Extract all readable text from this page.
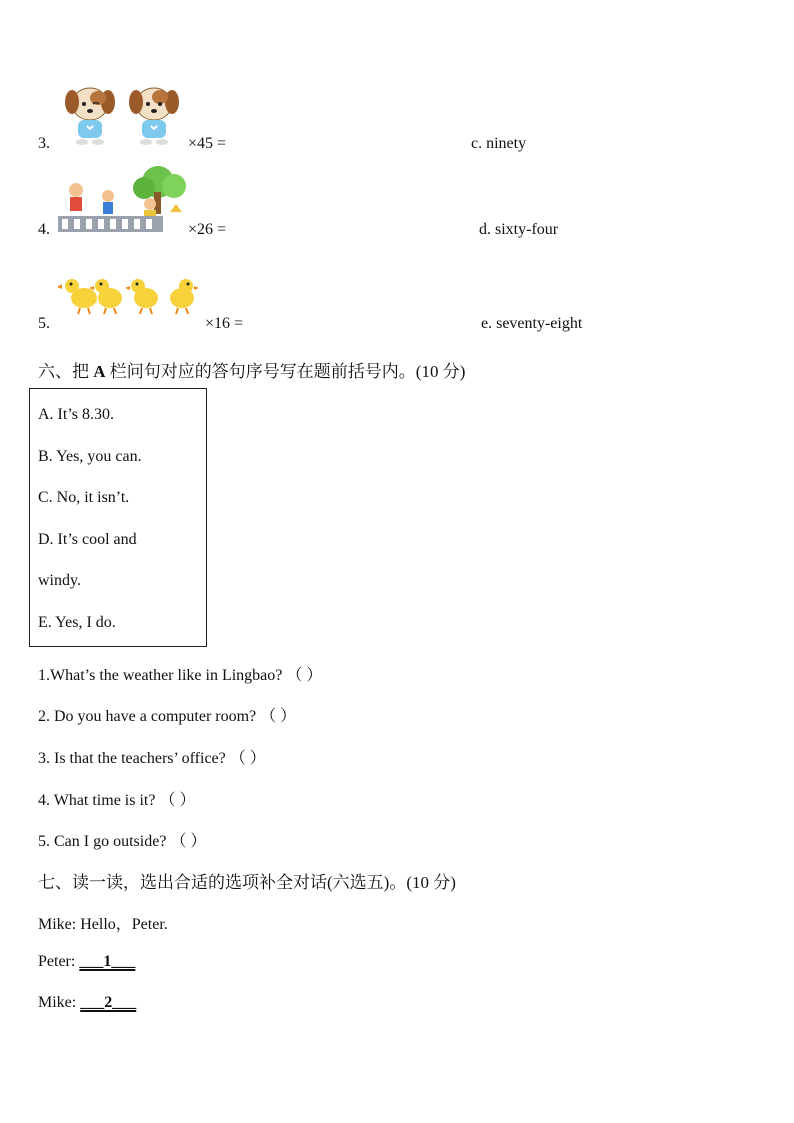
3.	×45 =	c. ninety
4.	×26 =	d. sixty-four
5.	×16 =	e. seventy-eight
六、把 A 栏问句对应的答句序号写在题前括号内。(10 分)
A. It’s 8.30.
B. Yes, you can.
C. No, it isn’t.
D. It’s cool and
windy.
E. Yes, I do.
1.What’s the weather like in Lingbao? （ ）
2. Do you have a computer room? （ ）
3. Is that the teachers’ office? （ ）
4. What time is it? （ ）
5. Can I go outside? （ ）
七、读一读，选出合适的选项补全对话(六选五)。(10 分)
Mike: Hello，Peter.
Peter: ___1___
Mike: ___2___
